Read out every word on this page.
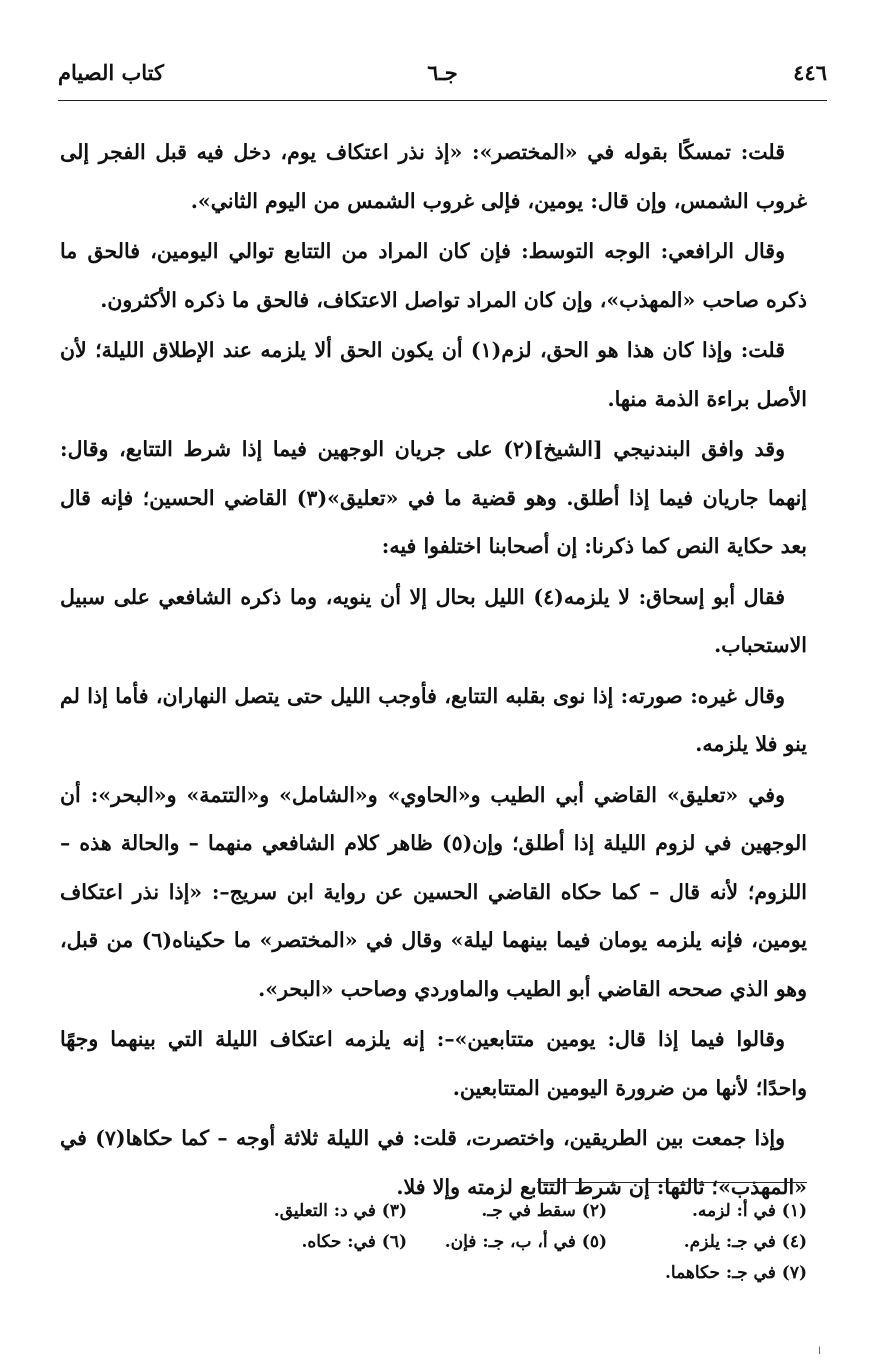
٤٤٦
جـ٦
كتاب الصيام

قلت: تمسكًا بقوله في «المختصر»: «إذ نذر اعتكاف يوم، دخل فيه قبل الفجر إلى غروب الشمس، وإن قال: يومين، فإلى غروب الشمس من اليوم الثاني».

وقال الرافعي: الوجه التوسط: فإن كان المراد من التتابع توالي اليومين، فالحق ما ذكره صاحب «المهذب»، وإن كان المراد تواصل الاعتكاف، فالحق ما ذكره الأكثرون.

قلت: وإذا كان هذا هو الحق، لزم(١) أن يكون الحق ألا يلزمه عند الإطلاق الليلة؛ لأن الأصل براءة الذمة منها.

وقد وافق البندنيجي [الشيخ](٢) على جريان الوجهين فيما إذا شرط التتابع، وقال: إنهما جاريان فيما إذا أطلق. وهو قضية ما في «تعليق»(٣) القاضي الحسين؛ فإنه قال بعد حكاية النص كما ذكرنا: إن أصحابنا اختلفوا فيه:

فقال أبو إسحاق: لا يلزمه(٤) الليل بحال إلا أن ينويه، وما ذكره الشافعي على سبيل الاستحباب.

وقال غيره: صورته: إذا نوى بقلبه التتابع، فأوجب الليل حتى يتصل النهاران، فأما إذا لم ينو فلا يلزمه.

وفي «تعليق» القاضي أبي الطيب و«الحاوي» و«الشامل» و«التتمة» و«البحر»: أن الوجهين في لزوم الليلة إذا أطلق؛ وإن(٥) ظاهر كلام الشافعي منهما – والحالة هذه – اللزوم؛ لأنه قال – كما حكاه القاضي الحسين عن رواية ابن سريج–: «إذا نذر اعتكاف يومين، فإنه يلزمه يومان فيما بينهما ليلة» وقال في «المختصر» ما حكيناه(٦) من قبل، وهو الذي صححه القاضي أبو الطيب والماوردي وصاحب «البحر».

وقالوا فيما إذا قال: يومين متتابعين»–: إنه يلزمه اعتكاف الليلة التي بينهما وجهًا واحدًا؛ لأنها من ضرورة اليومين المتتابعين.

وإذا جمعت بين الطريقين، واختصرت، قلت: في الليلة ثلاثة أوجه – كما حكاها(٧) في «المهذب»؛ ثالثها: إن شرط التتابع لزمته وإلا فلا.

(١) في أ: لزمه.
(٢) سقط في جـ.
(٣) في د: التعليق.
(٤) في جـ: يلزم.
(٥) في أ، ب، جـ: فإن.
(٦) في: حكاه.
(٧) في جـ: حكاهما.
ا
